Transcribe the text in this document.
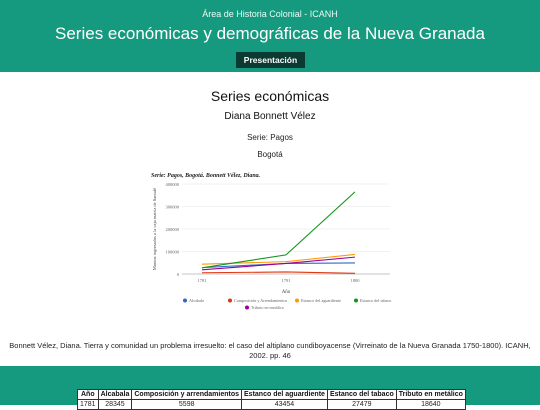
Área de Historia Colonial - ICANH
Series económicas y demográficas de la Nueva Granada
Presentación
Series económicas
Diana Bonnett Vélez
Serie: Pagos
Bogotá
Serie: Pagos, Bogotá. Bonnett Vélez, Diana.
0
100000
200000
300000
400000
1781	1791	1800
Año
Montos ingresados a la caja matriz de Santafé
Alcabala	Composición y Arrendamientos	Estanco del aguardiente	Estanco del tabaco
Tributo en metálico
Bonnett Vélez, Diana. Tierra y comunidad un problema irresuelto: el caso del altiplano cundiboyacense (Virreinato de la Nueva Granada 1750-1800). ICANH, 2002. pp. 46
Año	Alcabala	Composición y arrendamientos	Estanco del aguardiente	Estanco del tabaco	Tributo en metálico
1781	28345	5598	43454	27479	18640
